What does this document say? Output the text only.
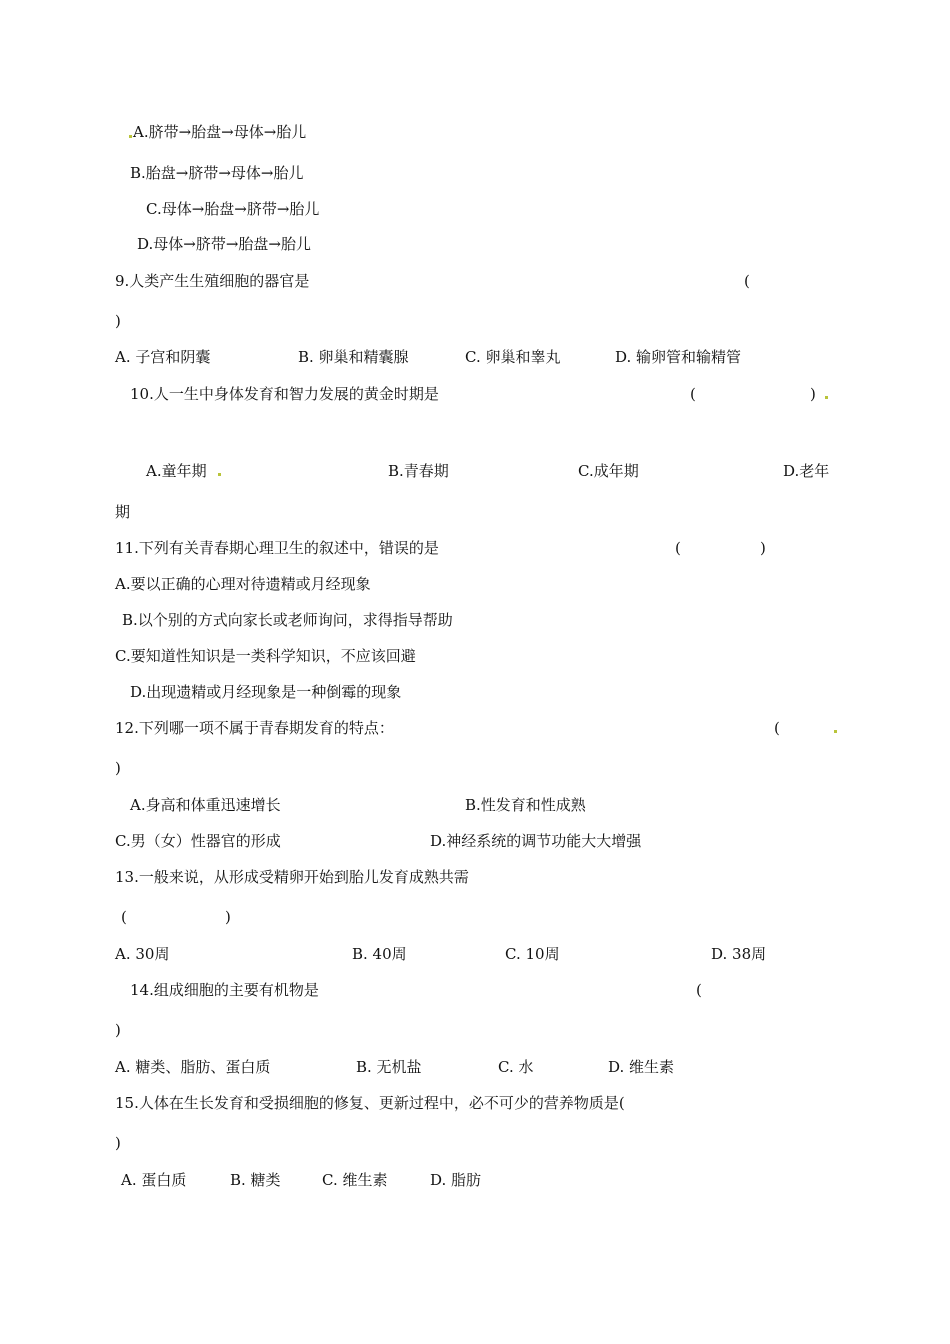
A.脐带→胎盘→母体→胎儿
B.胎盘→脐带→母体→胎儿
C.母体→胎盘→脐带→胎儿
D.母体→脐带→胎盘→胎儿
9.人类产生生殖细胞的器官是	(
)
A. 子宫和阴囊	B. 卵巢和精囊腺	C. 卵巢和睾丸	D. 输卵管和输精管
10.人一生中身体发育和智力发展的黄金时期是	(	)
A.童年期	B.青春期	C.成年期	D.老年
期
11.下列有关青春期心理卫生的叙述中，错误的是	(	)
A.要以正确的心理对待遗精或月经现象
B.以个别的方式向家长或老师询问，求得指导帮助
C.要知道性知识是一类科学知识，不应该回避
D.出现遗精或月经现象是一种倒霉的现象
12.下列哪一项不属于青春期发育的特点：	(
)
A.身高和体重迅速增长	B.性发育和性成熟
C.男（女）性器官的形成	D.神经系统的调节功能大大增强
13.一般来说，从形成受精卵开始到胎儿发育成熟共需
(	)
A. 30周	B. 40周	C. 10周	D. 38周
14.组成细胞的主要有机物是	(
)
A. 糖类、脂肪、蛋白质	B. 无机盐	C. 水	D. 维生素
15.人体在生长发育和受损细胞的修复、更新过程中，必不可少的营养物质是(
)
A. 蛋白质	B. 糖类	C. 维生素	D. 脂肪
